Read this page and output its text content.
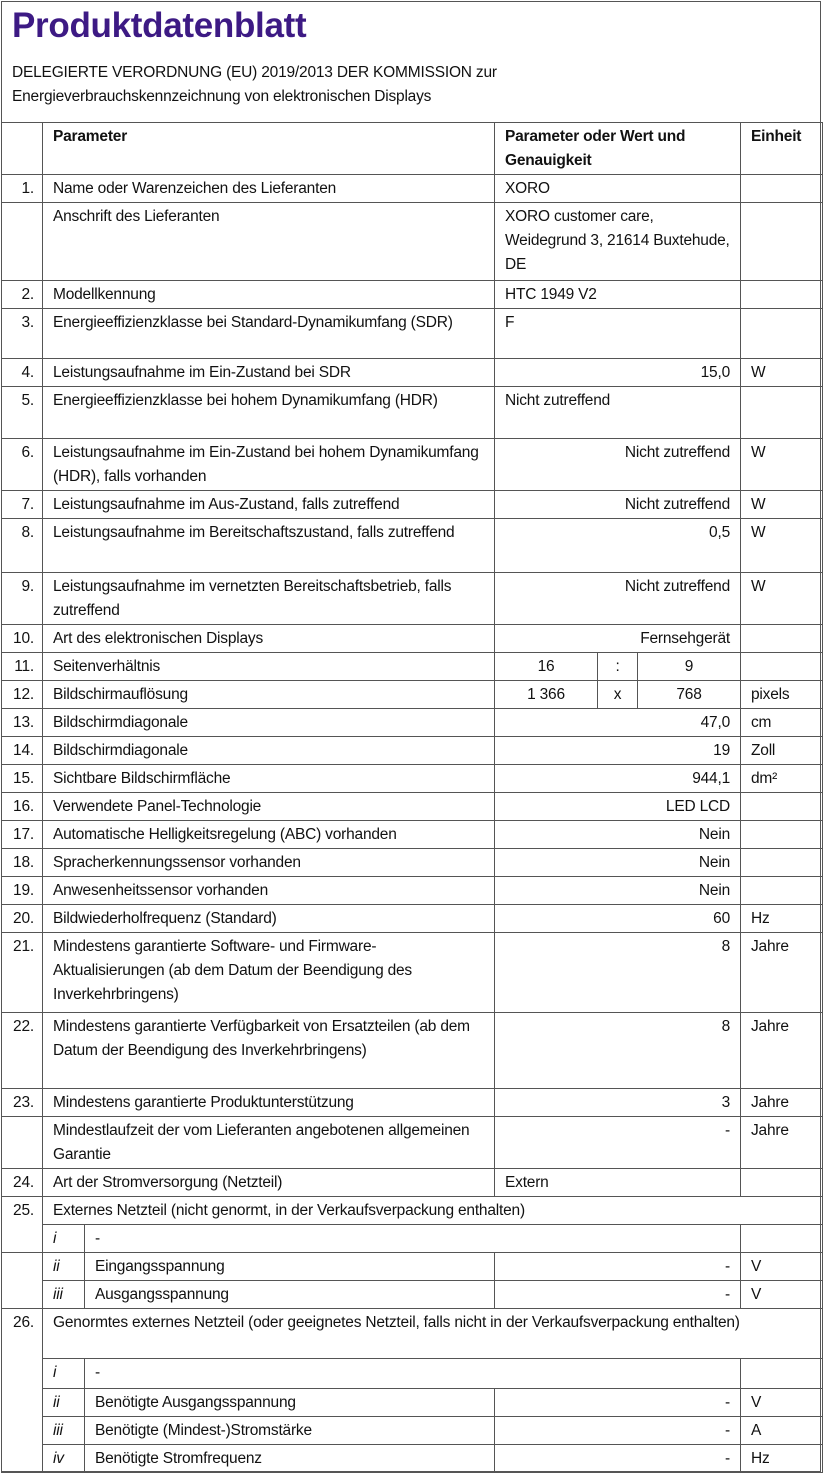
Produktdatenblatt
DELEGIERTE VERORDNUNG (EU) 2019/2013 DER KOMMISSION zur
Energieverbrauchskennzeichnung von elektronischen Displays
	Parameter		Parameter oder Wert und Genauigkeit			Einheit
1.	Name oder Warenzeichen des Lieferanten		XORO			
	Anschrift des Lieferanten		XORO customer care, Weidegrund 3, 21614 Buxtehude, DE			
2.	Modellkennung		HTC 1949 V2			
3.	Energieeffizienzklasse bei Standard-Dynamikumfang (SDR)		F			
4.	Leistungsaufnahme im Ein-Zustand bei SDR		15,0			W
5.	Energieeffizienzklasse bei hohem Dynamikumfang (HDR)		Nicht zutreffend			
6.	Leistungsaufnahme im Ein-Zustand bei hohem Dynamikumfang (HDR), falls vorhanden		Nicht zutreffend			W
7.	Leistungsaufnahme im Aus-Zustand, falls zutreffend		Nicht zutreffend			W
8.	Leistungsaufnahme im Bereitschaftszustand, falls zutreffend		0,5			W
9.	Leistungsaufnahme im vernetzten Bereitschaftsbetrieb, falls zutreffend		Nicht zutreffend			W
10.	Art des elektronischen Displays		Fernsehgerät			
11.	Seitenverhältnis		16	:	9	
12.	Bildschirmauflösung		1 366	x	768	pixels
13.	Bildschirmdiagonale		47,0			cm
14.	Bildschirmdiagonale		19			Zoll
15.	Sichtbare Bildschirmfläche		944,1			dm²
16.	Verwendete Panel-Technologie		LED LCD			
17.	Automatische Helligkeitsregelung (ABC) vorhanden		Nein			
18.	Spracherkennungssensor vorhanden		Nein			
19.	Anwesenheitssensor vorhanden		Nein			
20.	Bildwiederholfrequenz (Standard)		60			Hz
21.	Mindestens garantierte Software- und Firmware-Aktualisierungen (ab dem Datum der Beendigung des Inverkehrbringens)		8			Jahre
22.	Mindestens garantierte Verfügbarkeit von Ersatzteilen (ab dem Datum der Beendigung des Inverkehrbringens)		8			Jahre
23.	Mindestens garantierte Produktunterstützung		3			Jahre
	Mindestlaufzeit der vom Lieferanten angebotenen allgemeinen Garantie		-			Jahre
24.	Art der Stromversorgung (Netzteil)		Extern			
25.	Externes Netzteil (nicht genormt, in der Verkaufsverpackung enthalten)					
	i	-				
	ii	Eingangsspannung	-			V
	iii	Ausgangsspannung	-			V
26.	Genormtes externes Netzteil (oder geeignetes Netzteil, falls nicht in der Verkaufsverpackung enthalten)					
	i	-				
	ii	Benötigte Ausgangsspannung	-			V
	iii	Benötigte (Mindest-)Stromstärke	-			A
	iv	Benötigte Stromfrequenz	-			Hz
